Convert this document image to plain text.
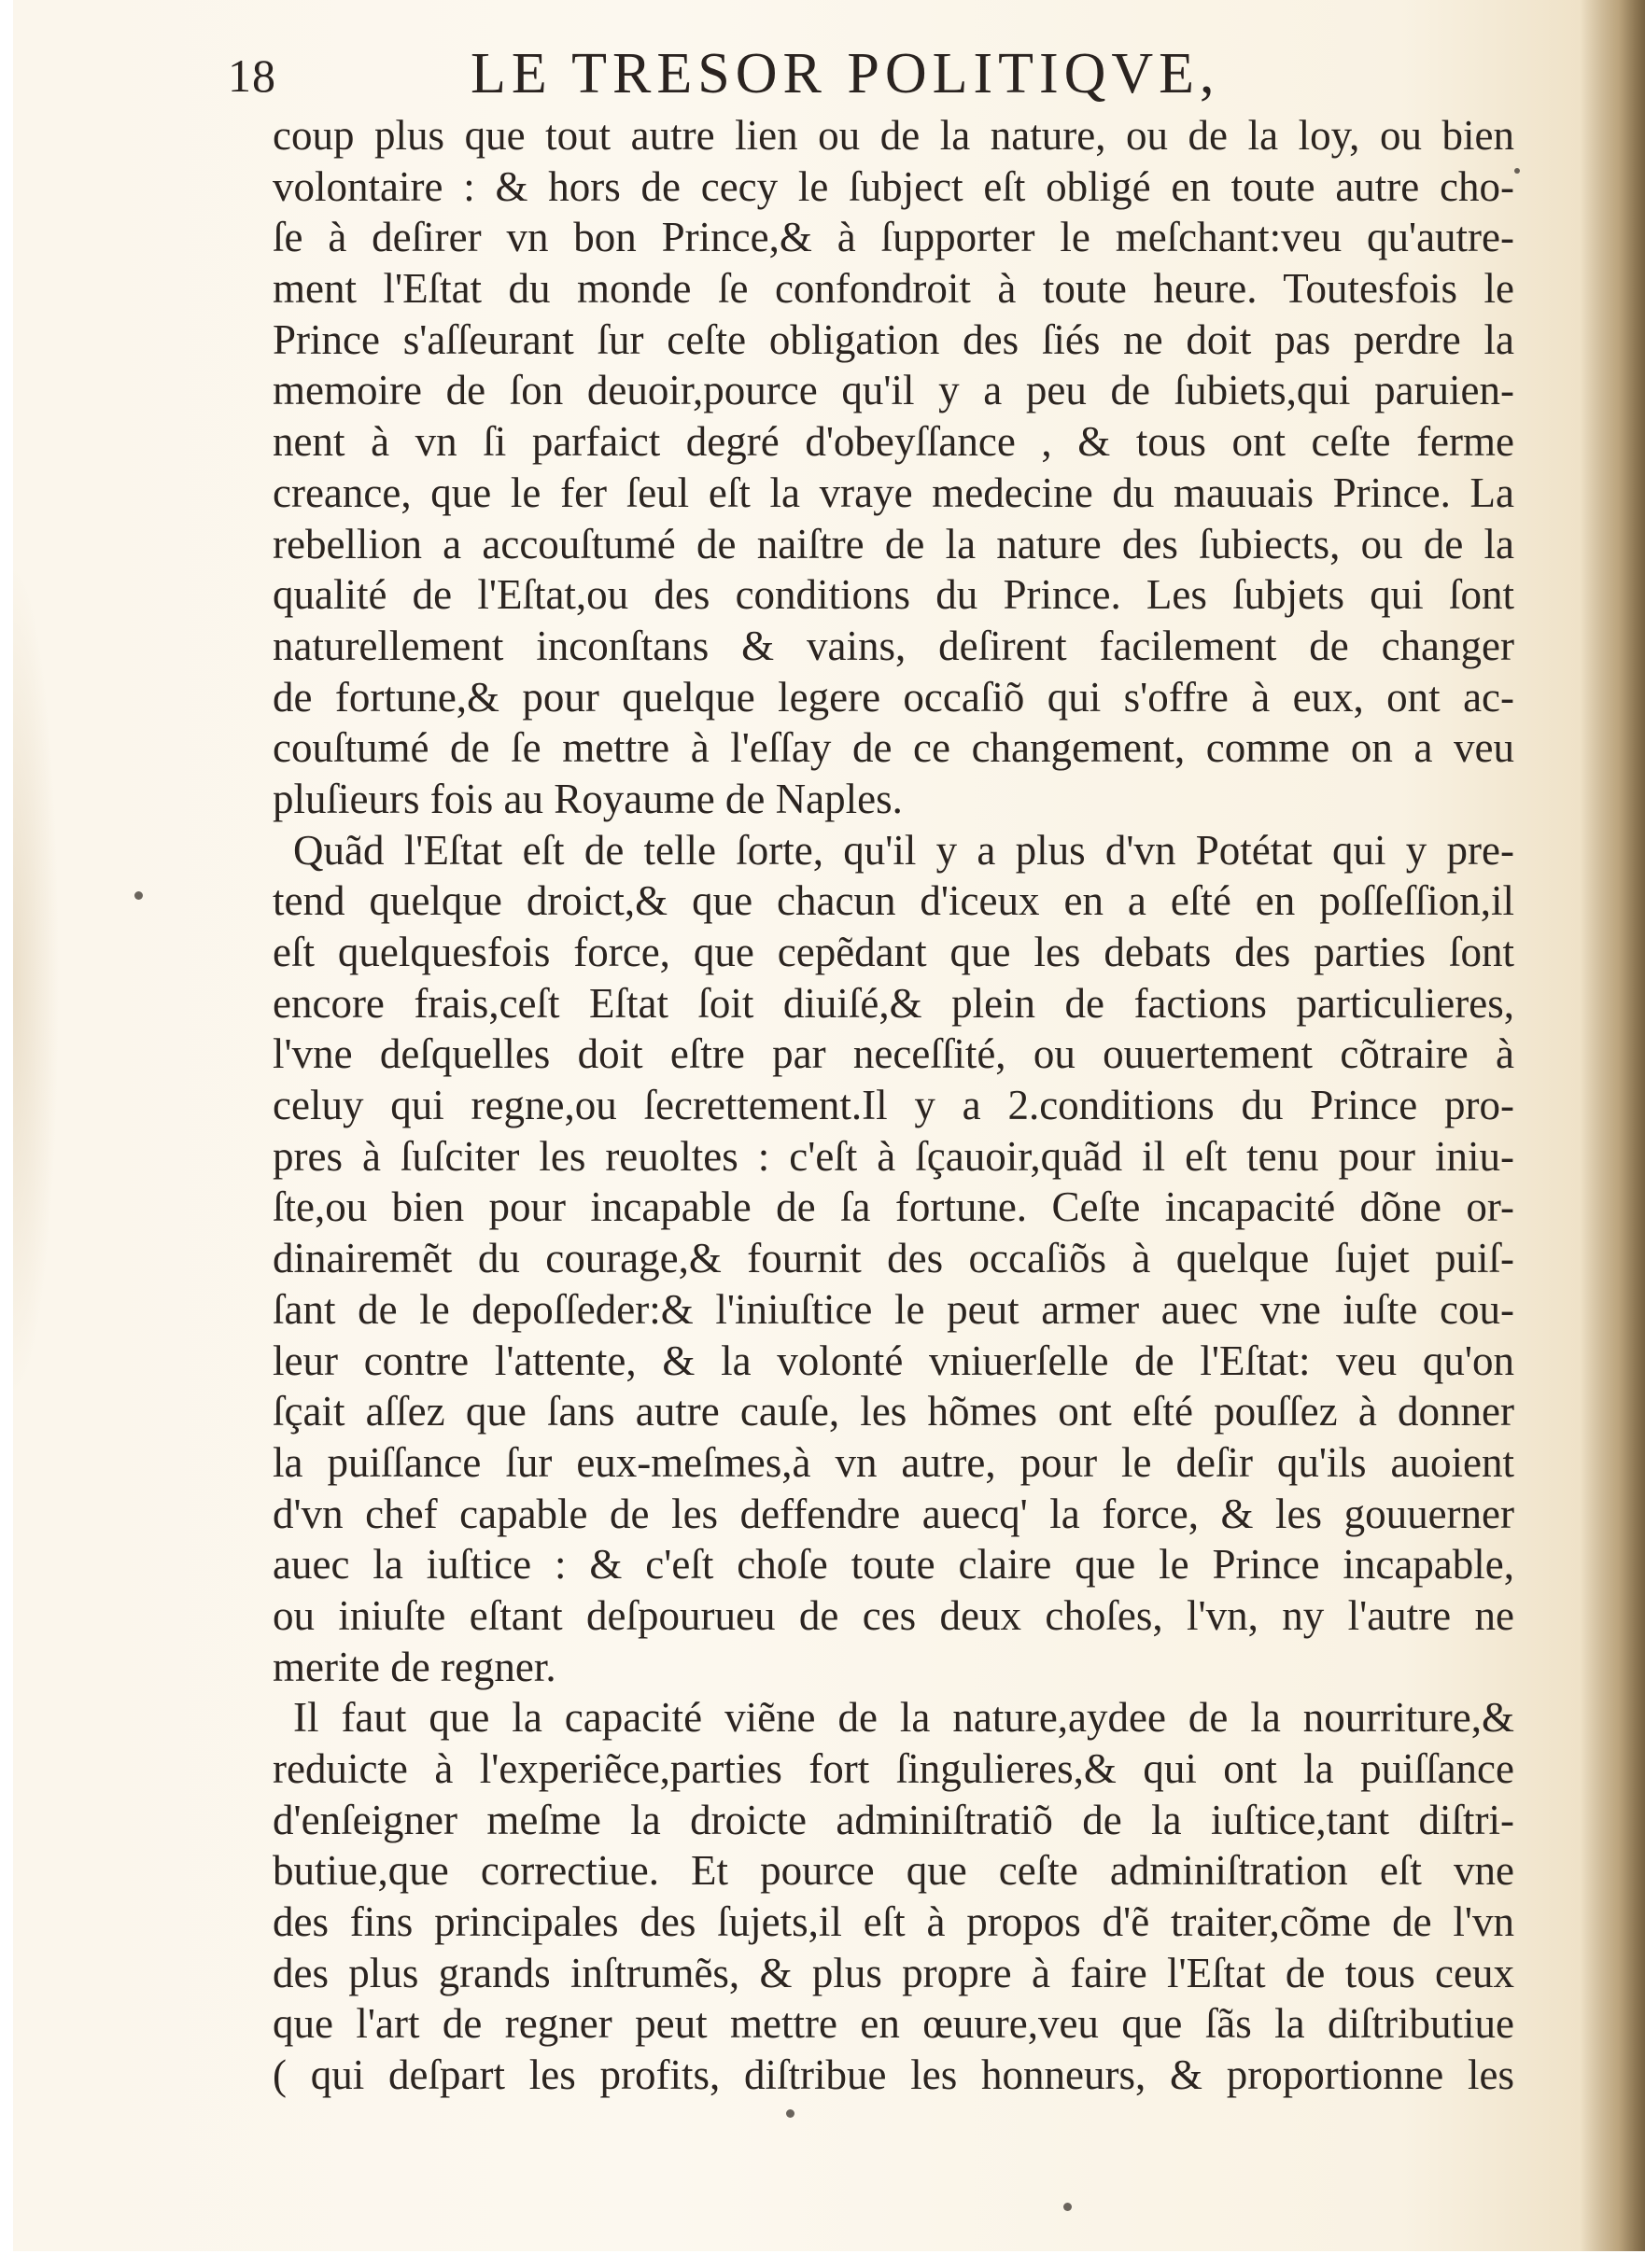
18	LE TRESOR POLITIQVE,
coup plus que tout autre lien ou de la nature, ou de la loy, ou bien
volontaire : & hors de cecy le ſubject eſt obligé en toute autre cho-
ſe à deſirer vn bon Prince,& à ſupporter le meſchant:veu qu'autre-
ment l'Eſtat du monde ſe confondroit à toute heure. Toutesfois le
Prince s'aſſeurant ſur ceſte obligation des ſiés ne doit pas perdre la
memoire de ſon deuoir,pource qu'il y a peu de ſubiets,qui paruien-
nent à vn ſi parfaict degré d'obeyſſance , & tous ont ceſte ferme
creance, que le fer ſeul eſt la vraye medecine du mauuais Prince. La
rebellion a accouſtumé de naiſtre de la nature des ſubiects, ou de la
qualité de l'Eſtat,ou des conditions du Prince. Les ſubjets qui ſont
naturellement inconſtans & vains, deſirent facilement de changer
de fortune,& pour quelque legere occaſiõ qui s'offre à eux, ont ac-
couſtumé de ſe mettre à l'eſſay de ce changement, comme on a veu
pluſieurs fois au Royaume de Naples.
Quãd l'Eſtat eſt de telle ſorte, qu'il y a plus d'vn Potétat qui y pre-
tend quelque droict,& que chacun d'iceux en a eſté en poſſeſſion,il
eſt quelquesfois force, que cepẽdant que les debats des parties ſont
encore frais,ceſt Eſtat ſoit diuiſé,& plein de factions particulieres,
l'vne deſquelles doit eſtre par neceſſité, ou ouuertement cõtraire à
celuy qui regne,ou ſecrettement.Il y a 2.conditions du Prince pro-
pres à ſuſciter les reuoltes : c'eſt à ſçauoir,quãd il eſt tenu pour iniu-
ſte,ou bien pour incapable de ſa fortune. Ceſte incapacité dõne or-
dinairemẽt du courage,& fournit des occaſiõs à quelque ſujet puiſ-
ſant de le depoſſeder:& l'iniuſtice le peut armer auec vne iuſte cou-
leur contre l'attente, & la volonté vniuerſelle de l'Eſtat: veu qu'on
ſçait aſſez que ſans autre cauſe, les hõmes ont eſté pouſſez à donner
la puiſſance ſur eux-meſmes,à vn autre, pour le deſir qu'ils auoient
d'vn chef capable de les deffendre auecq' la force, & les gouuerner
auec la iuſtice : & c'eſt choſe toute claire que le Prince incapable,
ou iniuſte eſtant deſpourueu de ces deux choſes, l'vn, ny l'autre ne
merite de regner.
Il faut que la capacité viẽne de la nature,aydee de la nourriture,&
reduicte à l'experiẽce,parties fort ſingulieres,& qui ont la puiſſance
d'enſeigner meſme la droicte adminiſtratiõ de la iuſtice,tant diſtri-
butiue,que correctiue. Et pource que ceſte adminiſtration eſt vne
des fins principales des ſujets,il eſt à propos d'ẽ traiter,cõme de l'vn
des plus grands inſtrumẽs, & plus propre à faire l'Eſtat de tous ceux
que l'art de regner peut mettre en œuure,veu que ſãs la diſtributiue
( qui deſpart les profits, diſtribue les honneurs, & proportionne les
